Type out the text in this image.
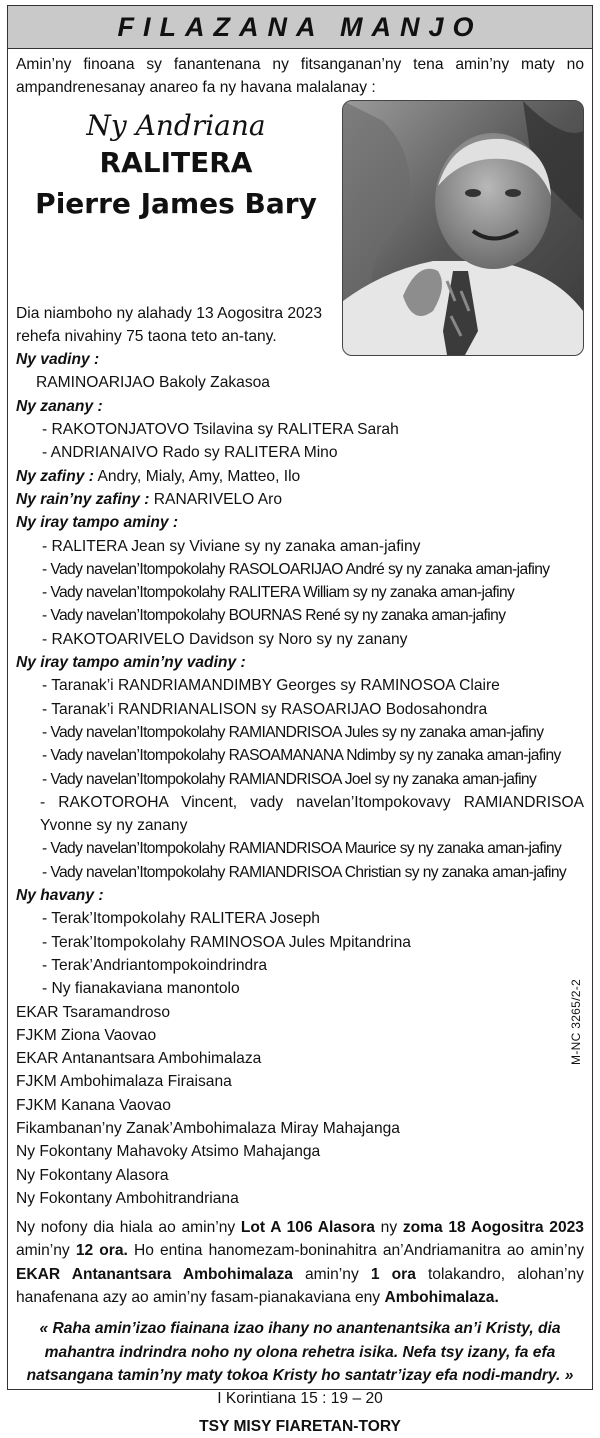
FILAZANA MANJO
Amin’ny finoana sy fanantenana ny fitsanganan’ny tena amin’ny maty no ampandrenesanay anareo fa ny havana malalanay :
Ny Andriana
RALITERA
Pierre James Bary
Dia niamboho ny alahady 13 Aogositra 2023
rehefa nivahiny 75 taona teto an-tany.
Ny vadiny :
RAMINOARIJAO Bakoly Zakasoa
Ny zanany :
- RAKOTONJATOVO Tsilavina sy RALITERA Sarah
- ANDRIANAIVO Rado sy RALITERA Mino
Ny zafiny : Andry, Mialy, Amy, Matteo, Ilo
Ny rain’ny zafiny : RANARIVELO Aro
Ny iray tampo aminy :
- RALITERA Jean sy Viviane sy ny zanaka aman-jafiny
- Vady navelan’Itompokolahy RASOLOARIJAO André sy ny zanaka aman-jafiny
- Vady navelan’Itompokolahy RALITERA William sy ny zanaka aman-jafiny
- Vady navelan’Itompokolahy BOURNAS René sy ny zanaka aman-jafiny
- RAKOTOARIVELO Davidson sy Noro sy ny zanany
Ny iray tampo amin’ny vadiny :
- Taranak’i RANDRIAMANDIMBY Georges sy RAMINOSOA Claire
- Taranak’i RANDRIANALISON sy RASOARIJAO Bodosahondra
- Vady navelan’Itompokolahy RAMIANDRISOA Jules sy ny zanaka aman-jafiny
- Vady navelan’Itompokolahy RASOAMANANA Ndimby sy ny zanaka aman-jafiny
- Vady navelan’Itompokolahy RAMIANDRISOA Joel sy ny zanaka aman-jafiny
- RAKOTOROHA Vincent, vady navelan’Itompokovavy RAMIANDRISOA Yvonne sy ny zanany
- Vady navelan’Itompokolahy RAMIANDRISOA Maurice sy ny zanaka aman-jafiny
- Vady navelan’Itompokolahy RAMIANDRISOA Christian sy ny zanaka aman-jafiny
Ny havany :
- Terak’Itompokolahy RALITERA Joseph
- Terak’Itompokolahy RAMINOSOA Jules Mpitandrina
- Terak’Andriantompokoindrindra
- Ny fianakaviana manontolo
EKAR Tsaramandroso
FJKM Ziona Vaovao
EKAR Antanantsara Ambohimalaza
FJKM Ambohimalaza Firaisana
FJKM Kanana Vaovao
Fikambanan’ny Zanak’Ambohimalaza Miray Mahajanga
Ny Fokontany Mahavoky Atsimo Mahajanga
Ny Fokontany Alasora
Ny Fokontany Ambohitrandriana
Ny nofony dia hiala ao amin’ny Lot A 106 Alasora ny zoma 18 Aogositra 2023 amin’ny 12 ora. Ho entina hanomezam-boninahitra an’Andriamanitra ao amin’ny EKAR Antanantsara Ambohimalaza amin’ny 1 ora tolakandro, alohan’ny hanafenana azy ao amin’ny fasam-pianakaviana eny Ambohimalaza.
« Raha amin’izao fiainana izao ihany no anantenantsika an’i Kristy, dia mahantra indrindra noho ny olona rehetra isika. Nefa tsy izany, fa efa natsangana tamin’ny maty tokoa Kristy ho santatr’izay efa nodi-mandry. »
I Korintiana 15 : 19 – 20
TSY MISY FIARETAN-TORY
M-NC 3265/2-2
